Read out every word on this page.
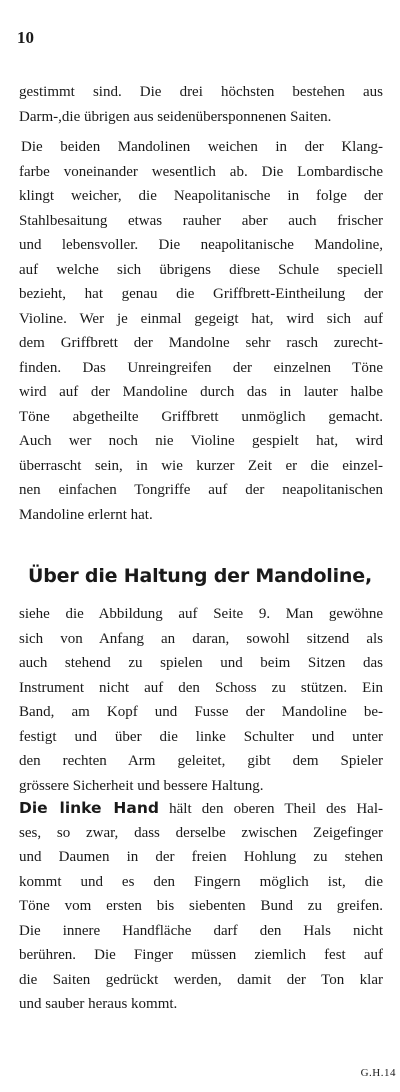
10
gestimmt sind. Die drei höchsten bestehen aus
Darm-,die übrigen aus seidenübersponnenen Saiten.
Die beiden Mandolinen weichen in der Klang-
farbe voneinander wesentlich ab. Die Lombardische
klingt weicher, die Neapolitanische in folge der
Stahlbesaitung etwas rauher aber auch frischer
und lebensvoller. Die neapolitanische Mandoline,
auf welche sich übrigens diese Schule speciell
bezieht, hat genau die Griffbrett-Eintheilung der
Violine. Wer je einmal gegeigt hat, wird sich auf
dem Griffbrett der Mandolne sehr rasch zurecht-
finden. Das Unreingreifen der einzelnen Töne
wird auf der Mandoline durch das in lauter halbe
Töne abgetheilte Griffbrett unmöglich gemacht.
Auch wer noch nie Violine gespielt hat, wird
überrascht sein, in wie kurzer Zeit er die einzel-
nen einfachen Tongriffe auf der neapolitanischen
Mandoline erlernt hat.
Über die Haltung der Mandoline,
siehe die Abbildung auf Seite 9. Man gewöhne
sich von Anfang an daran, sowohl sitzend als
auch stehend zu spielen und beim Sitzen das
Instrument nicht auf den Schoss zu stützen. Ein
Band, am Kopf und Fusse der Mandoline be-
festigt und über die linke Schulter und unter
den rechten Arm geleitet, gibt dem Spieler
grössere Sicherheit und bessere Haltung.
Die linke Hand hält den oberen Theil des Hal-
ses, so zwar, dass derselbe zwischen Zeigefinger
und Daumen in der freien Hohlung zu stehen
kommt und es den Fingern möglich ist, die
Töne vom ersten bis siebenten Bund zu greifen.
Die innere Handfläche darf den Hals nicht
berühren. Die Finger müssen ziemlich fest auf
die Saiten gedrückt werden, damit der Ton klar
und sauber heraus kommt.
G.H.14
